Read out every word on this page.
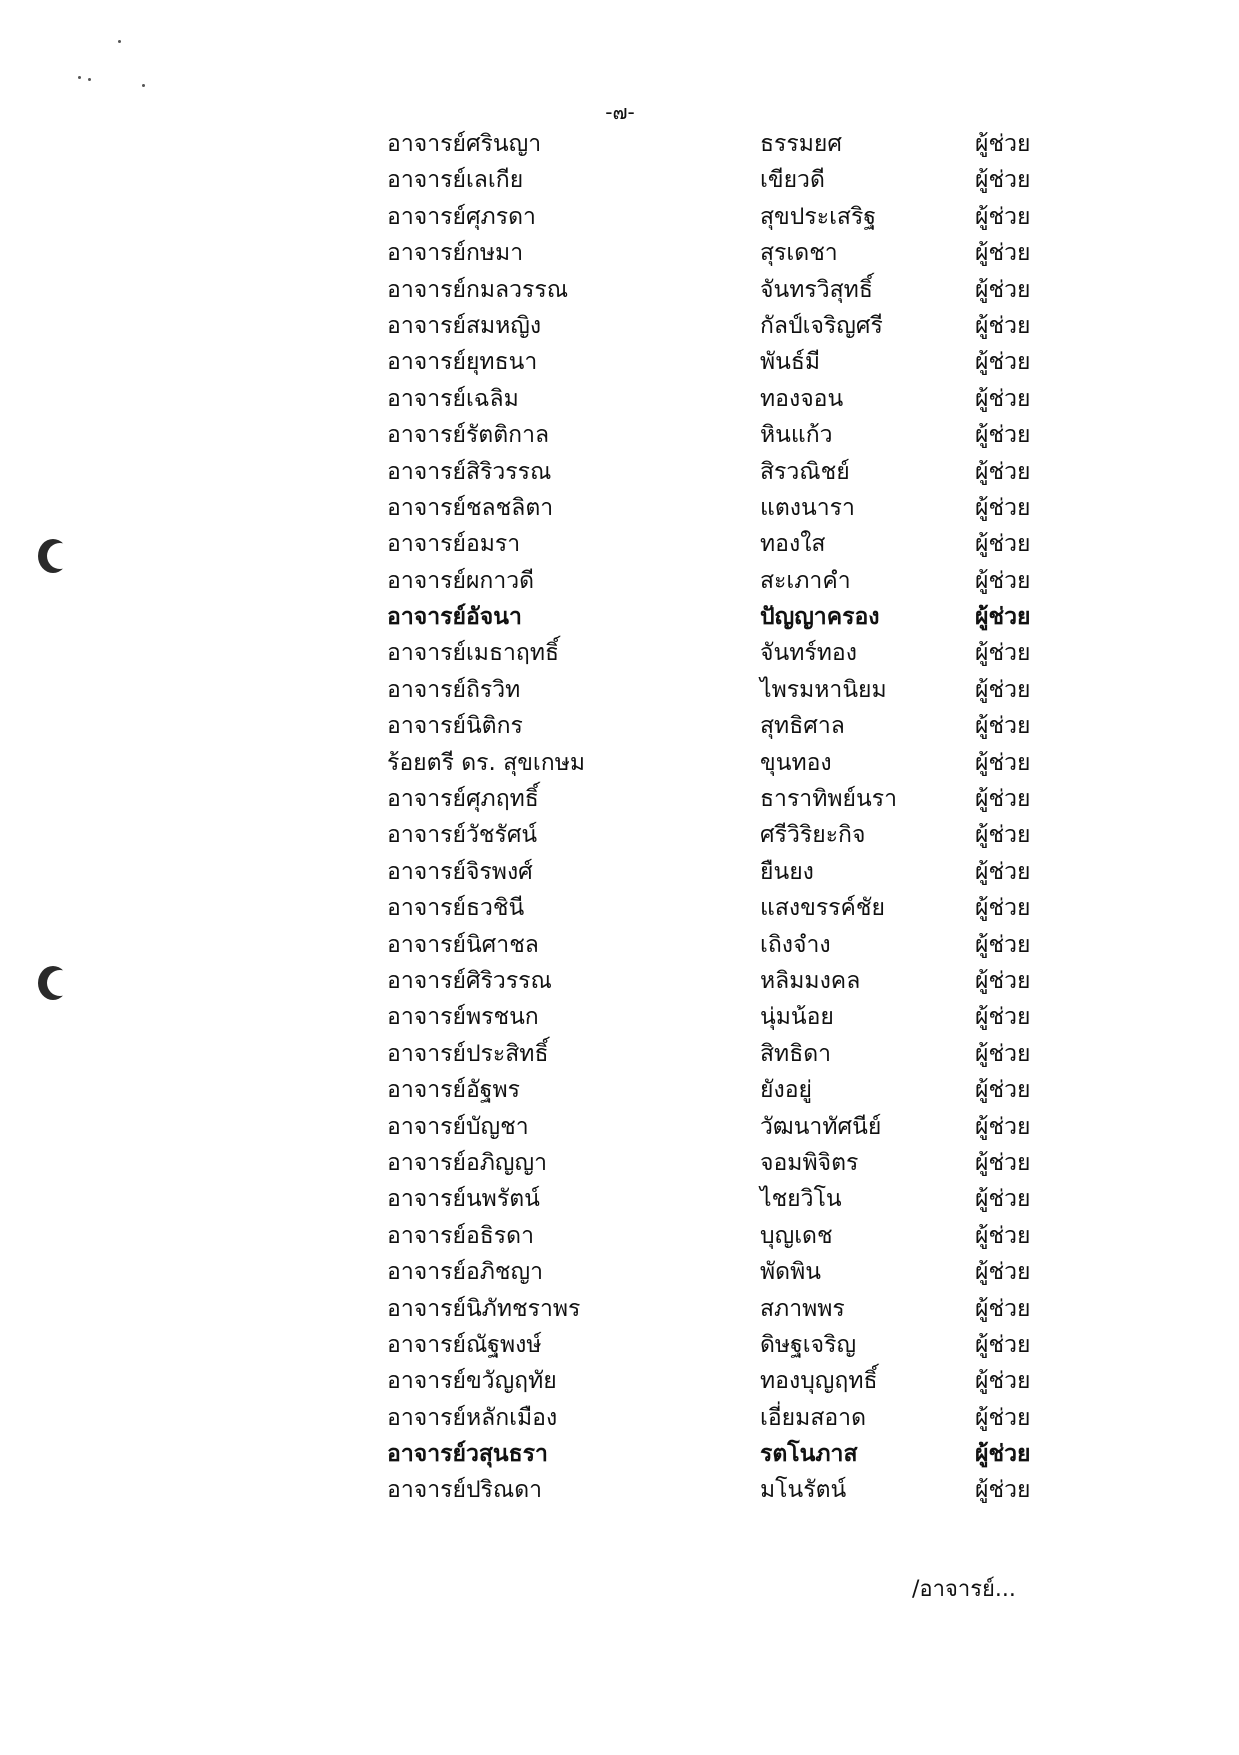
-๗-
อาจารย์ศรินญา	ธรรมยศ	ผู้ช่วย
อาจารย์เลเกีย	เขียวดี	ผู้ช่วย
อาจารย์ศุภรดา	สุขประเสริฐ	ผู้ช่วย
อาจารย์กษมา	สุรเดชา	ผู้ช่วย
อาจารย์กมลวรรณ	จันทรวิสุทธิ์	ผู้ช่วย
อาจารย์สมหญิง	กัลป์เจริญศรี	ผู้ช่วย
อาจารย์ยุทธนา	พันธ์มี	ผู้ช่วย
อาจารย์เฉลิม	ทองจอน	ผู้ช่วย
อาจารย์รัตติกาล	หินแก้ว	ผู้ช่วย
อาจารย์สิริวรรณ	สิรวณิชย์	ผู้ช่วย
อาจารย์ชลชลิตา	แตงนารา	ผู้ช่วย
อาจารย์อมรา	ทองใส	ผู้ช่วย
อาจารย์ผกาวดี	สะเภาคำ	ผู้ช่วย
อาจารย์อัจนา	ปัญญาครอง	ผู้ช่วย
อาจารย์เมธาฤทธิ์	จันทร์ทอง	ผู้ช่วย
อาจารย์ถิรวิท	ไพรมหานิยม	ผู้ช่วย
อาจารย์นิติกร	สุทธิศาล	ผู้ช่วย
ร้อยตรี ดร. สุขเกษม	ขุนทอง	ผู้ช่วย
อาจารย์ศุภฤทธิ์	ธาราทิพย์นรา	ผู้ช่วย
อาจารย์วัชรัศน์	ศรีวิริยะกิจ	ผู้ช่วย
อาจารย์จิรพงศ์	ยืนยง	ผู้ช่วย
อาจารย์ธวชินี	แสงขรรค์ชัย	ผู้ช่วย
อาจารย์นิศาชล	เถิงจำง	ผู้ช่วย
อาจารย์ศิริวรรณ	หลิมมงคล	ผู้ช่วย
อาจารย์พรชนก	นุ่มน้อย	ผู้ช่วย
อาจารย์ประสิทธิ์	สิทธิดา	ผู้ช่วย
อาจารย์อัฐพร	ยังอยู่	ผู้ช่วย
อาจารย์บัญชา	วัฒนาทัศนีย์	ผู้ช่วย
อาจารย์อภิญญา	จอมพิจิตร	ผู้ช่วย
อาจารย์นพรัตน์	ไชยวิโน	ผู้ช่วย
อาจารย์อธิรดา	บุญเดช	ผู้ช่วย
อาจารย์อภิชญา	พัดพิน	ผู้ช่วย
อาจารย์นิภัทชราพร	สภาพพร	ผู้ช่วย
อาจารย์ณัฐพงษ์	ดิษฐเจริญ	ผู้ช่วย
อาจารย์ขวัญฤทัย	ทองบุญฤทธิ์	ผู้ช่วย
อาจารย์หลักเมือง	เอี่ยมสอาด	ผู้ช่วย
อาจารย์วสุนธรา	รตโนภาส	ผู้ช่วย
อาจารย์ปริณดา	มโนรัตน์	ผู้ช่วย
/อาจารย์...
